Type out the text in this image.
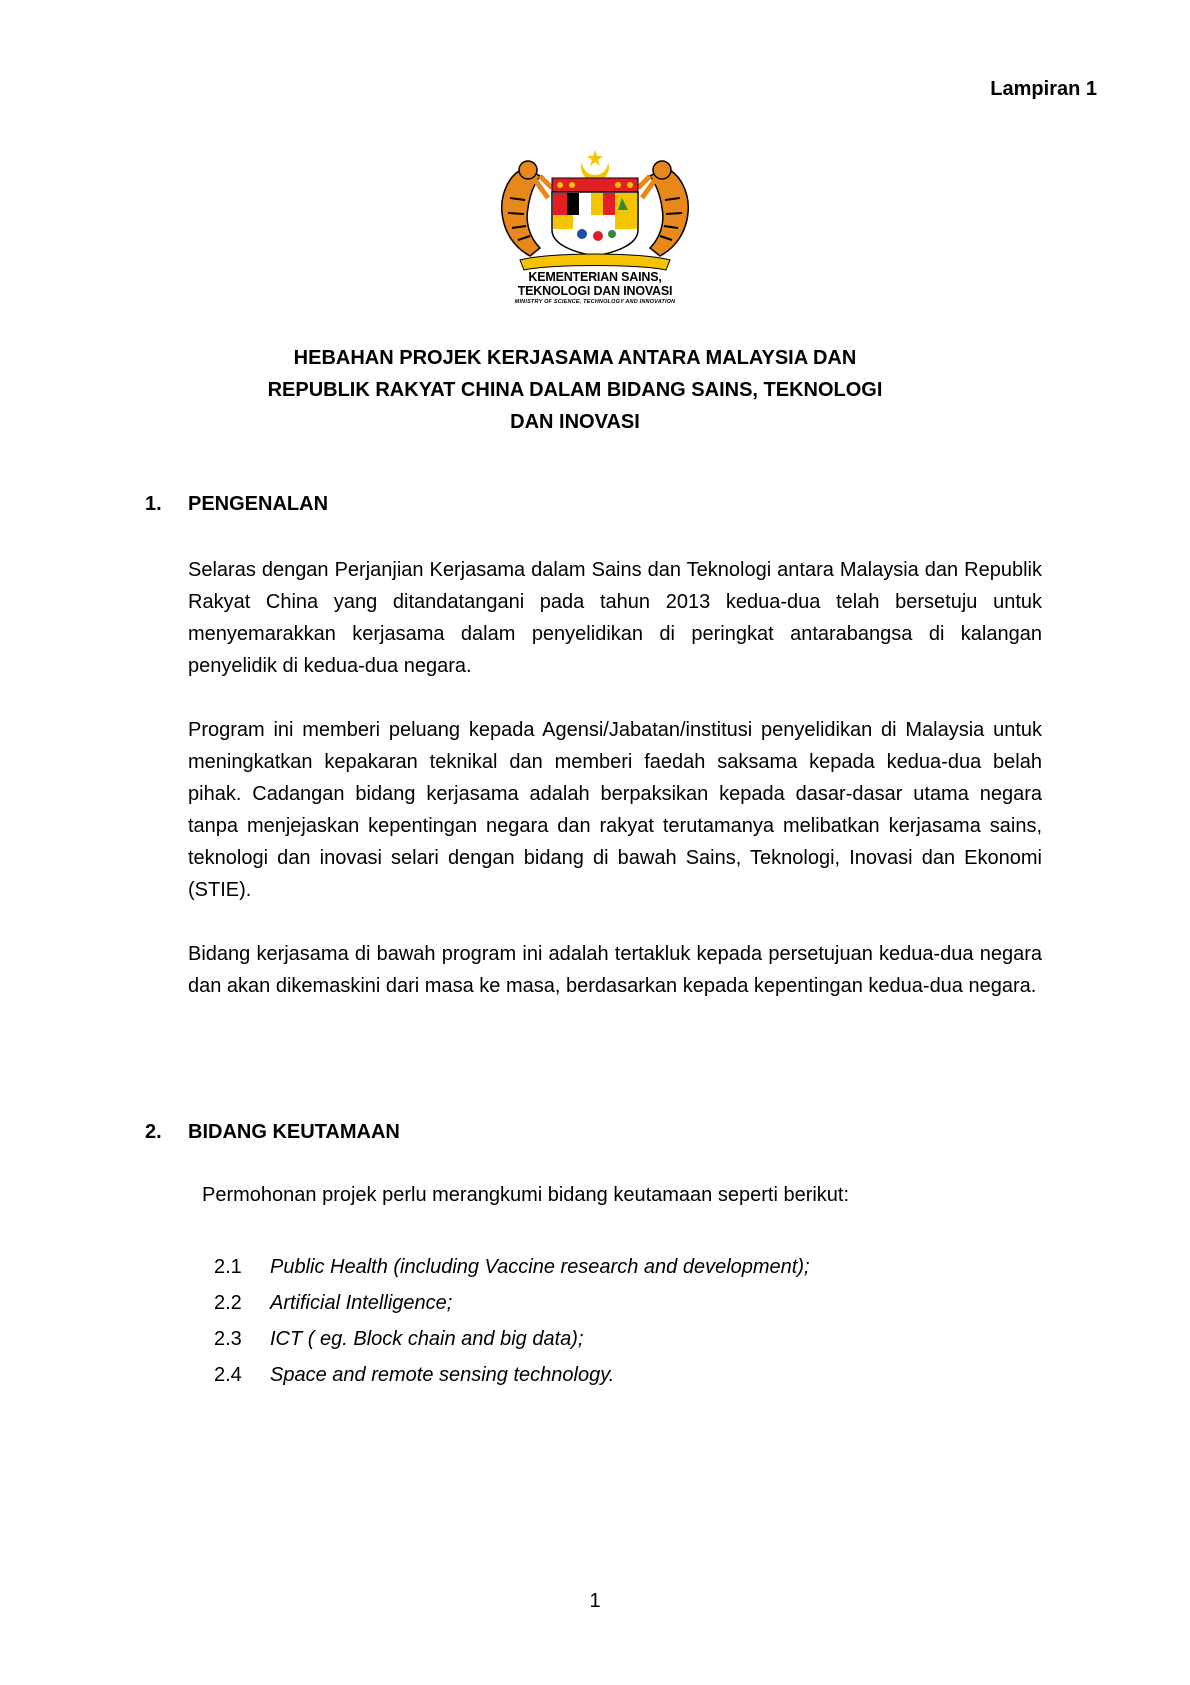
Lampiran 1
KEMENTERIAN SAINS,
TEKNOLOGI DAN INOVASI
MINISTRY OF SCIENCE, TECHNOLOGY AND INNOVATION
HEBAHAN PROJEK KERJASAMA ANTARA MALAYSIA DAN
REPUBLIK RAKYAT CHINA DALAM BIDANG SAINS, TEKNOLOGI
DAN INOVASI
1. PENGENALAN
Selaras dengan Perjanjian Kerjasama dalam Sains dan Teknologi antara Malaysia dan Republik Rakyat China yang ditandatangani pada tahun 2013 kedua-dua telah bersetuju untuk menyemarakkan kerjasama dalam penyelidikan di peringkat antarabangsa di kalangan penyelidik di kedua-dua negara.
Program ini memberi peluang kepada Agensi/Jabatan/institusi penyelidikan di Malaysia untuk meningkatkan kepakaran teknikal dan memberi faedah saksama kepada kedua-dua belah pihak. Cadangan bidang kerjasama adalah berpaksikan kepada dasar-dasar utama negara tanpa menjejaskan kepentingan negara dan rakyat terutamanya melibatkan kerjasama sains, teknologi dan inovasi selari dengan bidang di bawah Sains, Teknologi, Inovasi dan Ekonomi (STIE).
Bidang kerjasama di bawah program ini adalah tertakluk kepada persetujuan kedua-dua negara dan akan dikemaskini dari masa ke masa, berdasarkan kepada kepentingan kedua-dua negara.
2. BIDANG KEUTAMAAN
Permohonan projek perlu merangkumi bidang keutamaan seperti berikut:
2.1 Public Health (including Vaccine research and development);
2.2 Artificial Intelligence;
2.3 ICT ( eg. Block chain and big data);
2.4 Space and remote sensing technology.
1
